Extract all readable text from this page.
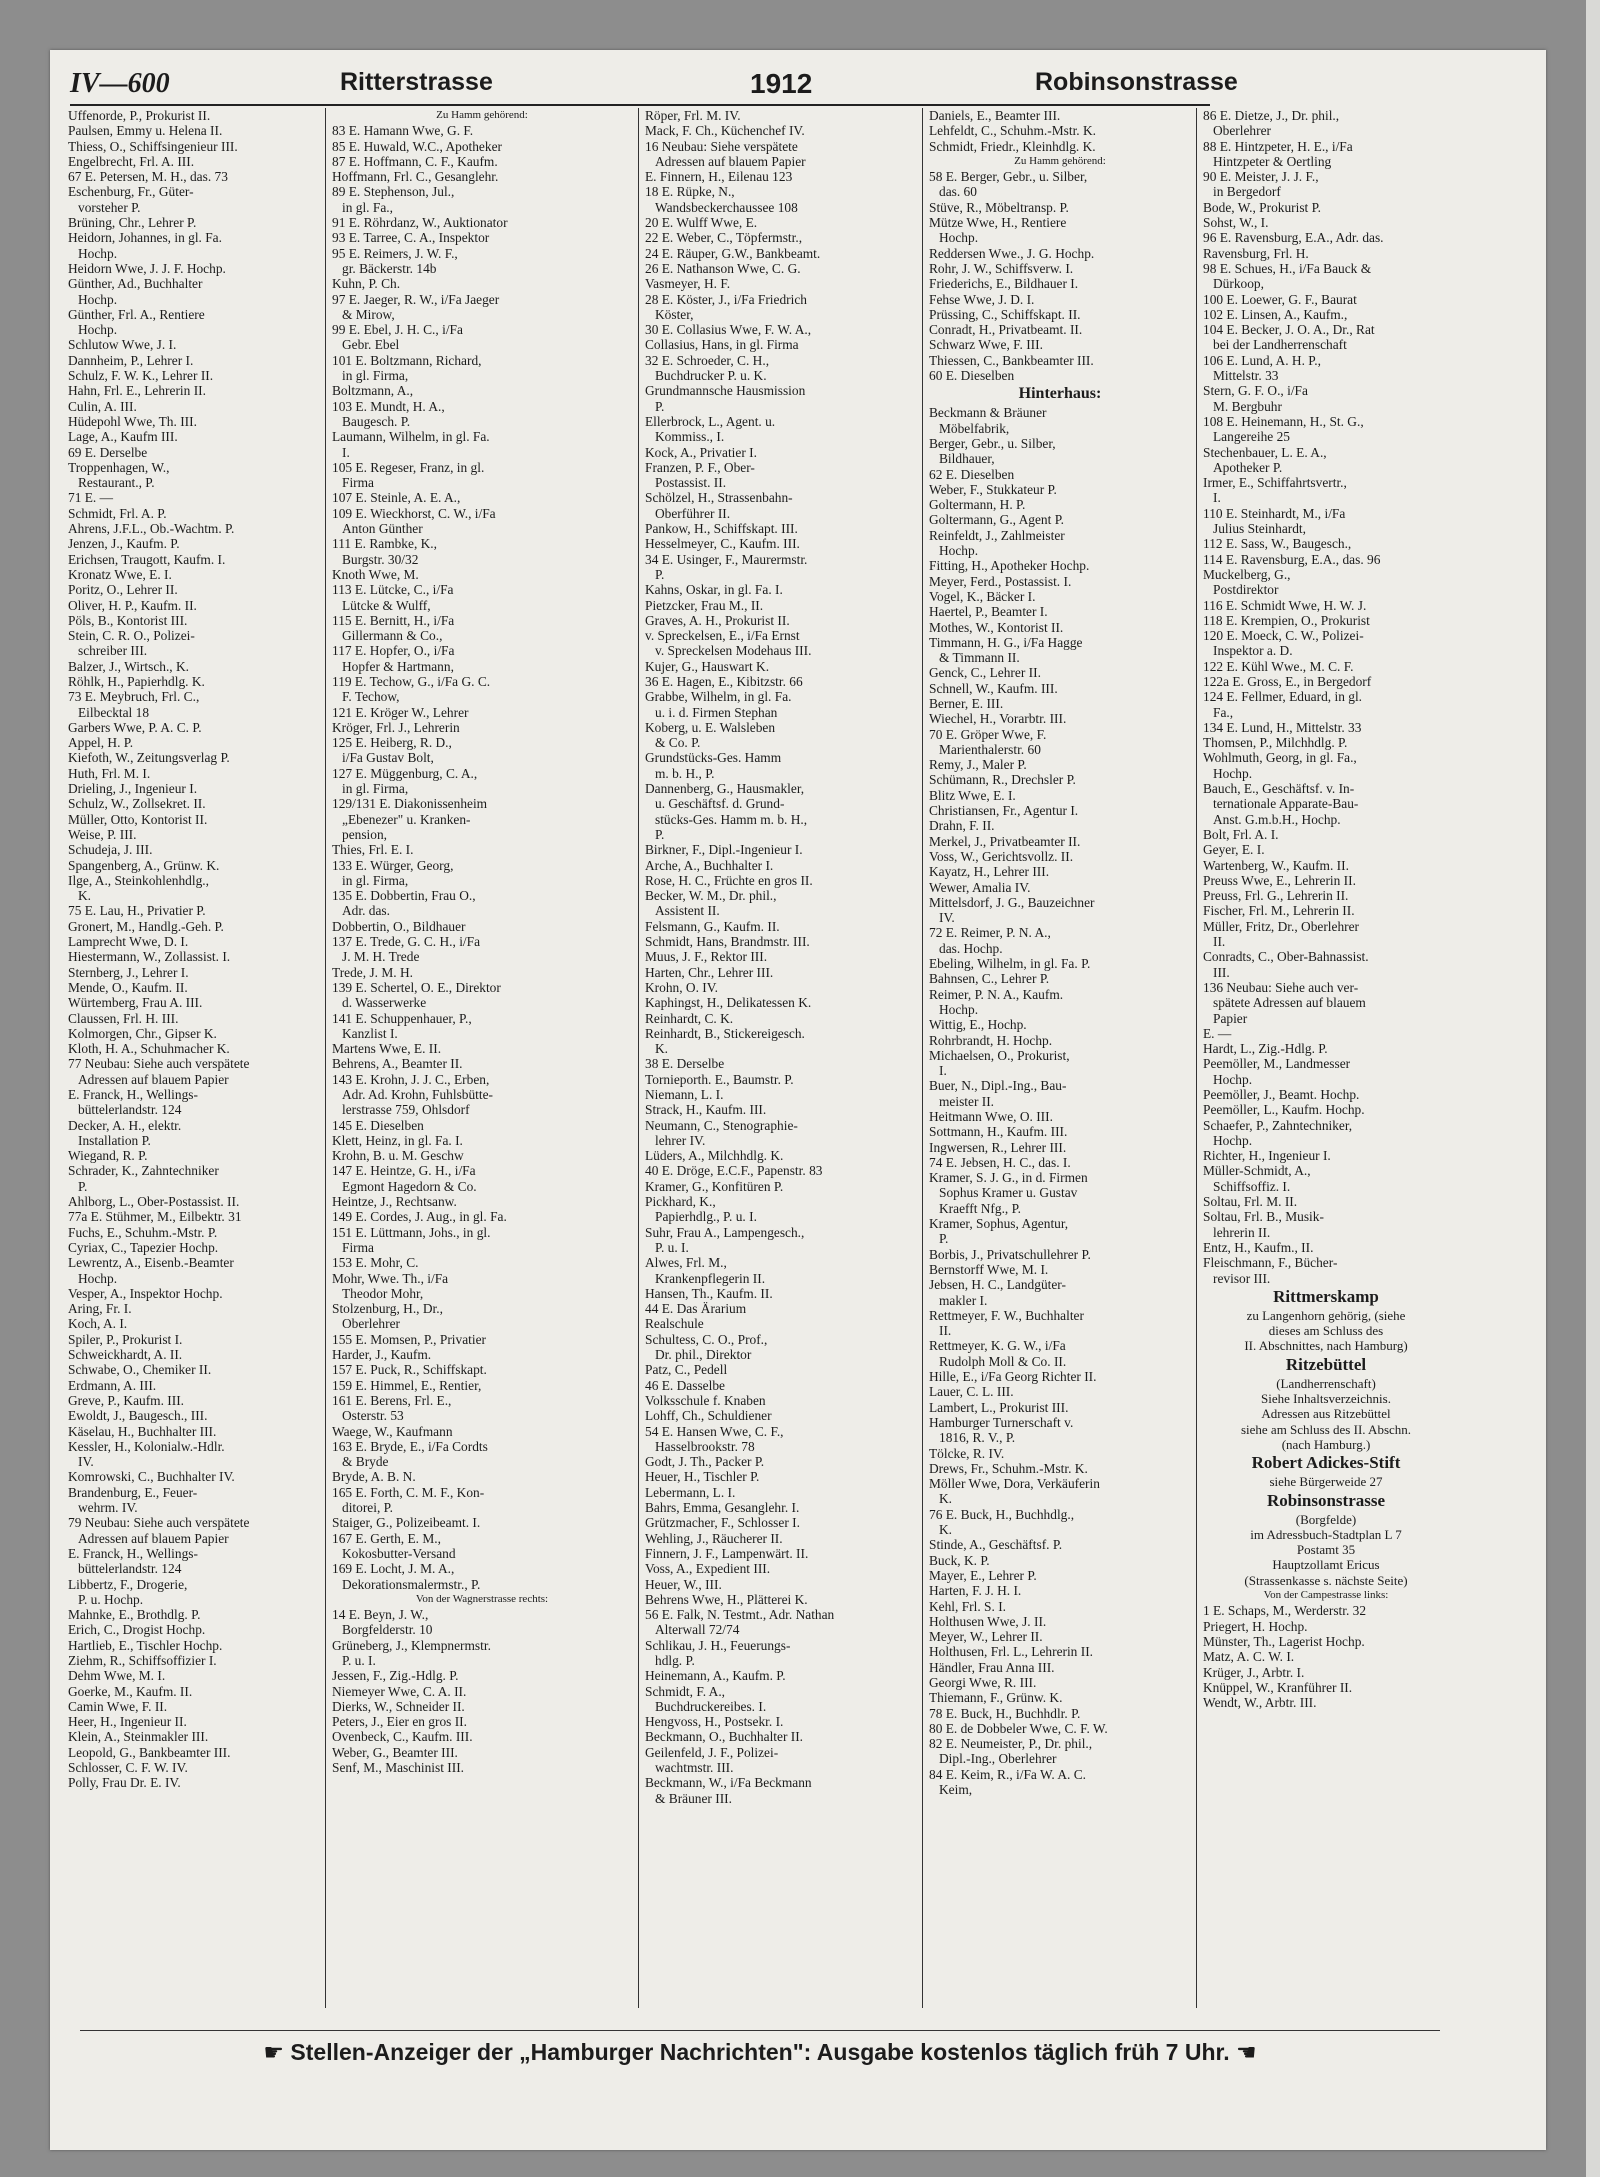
IV—600	Ritterstrasse	1912	Robinsonstrasse
Uffenorde, P., Prokurist II.
Paulsen, Emmy u. Helena II.
Thiess, O., Schiffsingenieur III.
Engelbrecht, Frl. A. III.
67 E. Petersen, M. H., das. 73
Eschenburg, Fr., Güter-
vorsteher P.
Brüning, Chr., Lehrer P.
Heidorn, Johannes, in gl. Fa.
Hochp.
Heidorn Wwe, J. J. F. Hochp.
Günther, Ad., Buchhalter
Hochp.
Günther, Frl. A., Rentiere
Hochp.
Schlutow Wwe, J. I.
Dannheim, P., Lehrer I.
Schulz, F. W. K., Lehrer II.
Hahn, Frl. E., Lehrerin II.
Culin, A. III.
Hüdepohl Wwe, Th. III.
Lage, A., Kaufm III.
69 E. Derselbe
Troppenhagen, W.,
Restaurant., P.
71 E. —
Schmidt, Frl. A. P.
Ahrens, J.F.L., Ob.-Wachtm. P.
Jenzen, J., Kaufm. P.
Erichsen, Traugott, Kaufm. I.
Kronatz Wwe, E. I.
Poritz, O., Lehrer II.
Oliver, H. P., Kaufm. II.
Pöls, B., Kontorist III.
Stein, C. R. O., Polizei-
schreiber III.
Balzer, J., Wirtsch., K.
Röhlk, H., Papierhdlg. K.
73 E. Meybruch, Frl. C.,
Eilbecktal 18
Garbers Wwe, P. A. C. P.
Appel, H. P.
Kiefoth, W., Zeitungsverlag P.
Huth, Frl. M. I.
Drieling, J., Ingenieur I.
Schulz, W., Zollsekret. II.
Müller, Otto, Kontorist II.
Weise, P. III.
Schudeja, J. III.
Spangenberg, A., Grünw. K.
Ilge, A., Steinkohlenhdlg.,
K.
75 E. Lau, H., Privatier P.
Gronert, M., Handlg.-Geh. P.
Lamprecht Wwe, D. I.
Hiestermann, W., Zollassist. I.
Sternberg, J., Lehrer I.
Mende, O., Kaufm. II.
Würtemberg, Frau A. III.
Claussen, Frl. H. III.
Kolmorgen, Chr., Gipser K.
Kloth, H. A., Schuhmacher K.
77 Neubau: Siehe auch verspätete
Adressen auf blauem Papier
E. Franck, H., Wellings-
büttelerlandstr. 124
Decker, A. H., elektr.
Installation P.
Wiegand, R. P.
Schrader, K., Zahntechniker
P.
Ahlborg, L., Ober-Postassist. II.
77a E. Stühmer, M., Eilbektr. 31
Fuchs, E., Schuhm.-Mstr. P.
Cyriax, C., Tapezier Hochp.
Lewrentz, A., Eisenb.-Beamter
Hochp.
Vesper, A., Inspektor Hochp.
Aring, Fr. I.
Koch, A. I.
Spiler, P., Prokurist I.
Schweickhardt, A. II.
Schwabe, O., Chemiker II.
Erdmann, A. III.
Greve, P., Kaufm. III.
Ewoldt, J., Baugesch., III.
Käselau, H., Buchhalter III.
Kessler, H., Kolonialw.-Hdlr.
IV.
Komrowski, C., Buchhalter IV.
Brandenburg, E., Feuer-
wehrm. IV.
79 Neubau: Siehe auch verspätete
Adressen auf blauem Papier
E. Franck, H., Wellings-
büttelerlandstr. 124
Libbertz, F., Drogerie,
P. u. Hochp.
Mahnke, E., Brothdlg. P.
Erich, C., Drogist Hochp.
Hartlieb, E., Tischler Hochp.
Ziehm, R., Schiffsoffizier I.
Dehm Wwe, M. I.
Goerke, M., Kaufm. II.
Camin Wwe, F. II.
Heer, H., Ingenieur II.
Klein, A., Steinmakler III.
Leopold, G., Bankbeamter III.
Schlosser, C. F. W. IV.
Polly, Frau Dr. E. IV.
Zu Hamm gehörend:
83 E. Hamann Wwe, G. F.
85 E. Huwald, W.C., Apotheker
87 E. Hoffmann, C. F., Kaufm.
Hoffmann, Frl. C., Gesanglehr.
89 E. Stephenson, Jul.,
in gl. Fa.,
91 E. Röhrdanz, W., Auktionator
93 E. Tarree, C. A., Inspektor
95 E. Reimers, J. W. F.,
gr. Bäckerstr. 14b
Kuhn, P. Ch.
97 E. Jaeger, R. W., i/Fa Jaeger
& Mirow,
99 E. Ebel, J. H. C., i/Fa
Gebr. Ebel
101 E. Boltzmann, Richard,
in gl. Firma,
Boltzmann, A.,
103 E. Mundt, H. A.,
Baugesch. P.
Laumann, Wilhelm, in gl. Fa.
I.
105 E. Regeser, Franz, in gl.
Firma
107 E. Steinle, A. E. A.,
109 E. Wieckhorst, C. W., i/Fa
Anton Günther
111 E. Rambke, K.,
Burgstr. 30/32
Knoth Wwe, M.
113 E. Lütcke, C., i/Fa
Lütcke & Wulff,
115 E. Bernitt, H., i/Fa
Gillermann & Co.,
117 E. Hopfer, O., i/Fa
Hopfer & Hartmann,
119 E. Techow, G., i/Fa G. C.
F. Techow,
121 E. Kröger W., Lehrer
Kröger, Frl. J., Lehrerin
125 E. Heiberg, R. D.,
i/Fa Gustav Bolt,
127 E. Müggenburg, C. A.,
in gl. Firma,
129/131 E. Diakonissenheim
„Ebenezer" u. Kranken-
pension,
Thies, Frl. E. I.
133 E. Würger, Georg,
in gl. Firma,
135 E. Dobbertin, Frau O.,
Adr. das.
Dobbertin, O., Bildhauer
137 E. Trede, G. C. H., i/Fa
J. M. H. Trede
Trede, J. M. H.
139 E. Schertel, O. E., Direktor
d. Wasserwerke
141 E. Schuppenhauer, P.,
Kanzlist I.
Martens Wwe, E. II.
Behrens, A., Beamter II.
143 E. Krohn, J. J. C., Erben,
Adr. Ad. Krohn, Fuhlsbütte-
lerstrasse 759, Ohlsdorf
145 E. Dieselben
Klett, Heinz, in gl. Fa. I.
Krohn, B. u. M. Geschw
147 E. Heintze, G. H., i/Fa
Egmont Hagedorn & Co.
Heintze, J., Rechtsanw.
149 E. Cordes, J. Aug., in gl. Fa.
151 E. Lüttmann, Johs., in gl.
Firma
153 E. Mohr, C.
Mohr, Wwe. Th., i/Fa
Theodor Mohr,
Stolzenburg, H., Dr.,
Oberlehrer
155 E. Momsen, P., Privatier
Harder, J., Kaufm.
157 E. Puck, R., Schiffskapt.
159 E. Himmel, E., Rentier,
161 E. Berens, Frl. E.,
Osterstr. 53
Waege, W., Kaufmann
163 E. Bryde, E., i/Fa Cordts
& Bryde
Bryde, A. B. N.
165 E. Forth, C. M. F., Kon-
ditorei, P.
Staiger, G., Polizeibeamt. I.
167 E. Gerth, E. M.,
Kokosbutter-Versand
169 E. Locht, J. M. A.,
Dekorationsmalermstr., P.
Von der Wagnerstrasse rechts:
14 E. Beyn, J. W.,
Borgfelderstr. 10
Grüneberg, J., Klempnermstr.
P. u. I.
Jessen, F., Zig.-Hdlg. P.
Niemeyer Wwe, C. A. II.
Dierks, W., Schneider II.
Peters, J., Eier en gros II.
Ovenbeck, C., Kaufm. III.
Weber, G., Beamter III.
Senf, M., Maschinist III.
Röper, Frl. M. IV.
Mack, F. Ch., Küchenchef IV.
16 Neubau: Siehe verspätete
Adressen auf blauem Papier
E. Finnern, H., Eilenau 123
18 E. Rüpke, N.,
Wandsbeckerchaussee 108
20 E. Wulff Wwe, E.
22 E. Weber, C., Töpfermstr.,
24 E. Räuper, G.W., Bankbeamt.
26 E. Nathanson Wwe, C. G.
Vasmeyer, H. F.
28 E. Köster, J., i/Fa Friedrich
Köster,
30 E. Collasius Wwe, F. W. A.,
Collasius, Hans, in gl. Firma
32 E. Schroeder, C. H.,
Buchdrucker P. u. K.
Grundmannsche Hausmission
P.
Ellerbrock, L., Agent. u.
Kommiss., I.
Kock, A., Privatier I.
Franzen, P. F., Ober-
Postassist. II.
Schölzel, H., Strassenbahn-
Oberführer II.
Pankow, H., Schiffskapt. III.
Hesselmeyer, C., Kaufm. III.
34 E. Usinger, F., Maurermstr.
P.
Kahns, Oskar, in gl. Fa. I.
Pietzcker, Frau M., II.
Graves, A. H., Prokurist II.
v. Spreckelsen, E., i/Fa Ernst
v. Spreckelsen Modehaus III.
Kujer, G., Hauswart K.
36 E. Hagen, E., Kibitzstr. 66
Grabbe, Wilhelm, in gl. Fa.
u. i. d. Firmen Stephan
Koberg, u. E. Walsleben
& Co. P.
Grundstücks-Ges. Hamm
m. b. H., P.
Dannenberg, G., Hausmakler,
u. Geschäftsf. d. Grund-
stücks-Ges. Hamm m. b. H.,
P.
Birkner, F., Dipl.-Ingenieur I.
Arche, A., Buchhalter I.
Rose, H. C., Früchte en gros II.
Becker, W. M., Dr. phil.,
Assistent II.
Felsmann, G., Kaufm. II.
Schmidt, Hans, Brandmstr. III.
Muus, J. F., Rektor III.
Harten, Chr., Lehrer III.
Krohn, O. IV.
Kaphingst, H., Delikatessen K.
Reinhardt, C. K.
Reinhardt, B., Stickereigesch.
K.
38 E. Derselbe
Tornieporth. E., Baumstr. P.
Niemann, L. I.
Strack, H., Kaufm. III.
Neumann, C., Stenographie-
lehrer IV.
Lüders, A., Milchhdlg. K.
40 E. Dröge, E.C.F., Papenstr. 83
Kramer, G., Konfitüren P.
Pickhard, K.,
Papierhdlg., P. u. I.
Suhr, Frau A., Lampengesch.,
P. u. I.
Alwes, Frl. M.,
Krankenpflegerin II.
Hansen, Th., Kaufm. II.
44 E. Das Ärarium
Realschule
Schultess, C. O., Prof.,
Dr. phil., Direktor
Patz, C., Pedell
46 E. Dasselbe
Volksschule f. Knaben
Lohff, Ch., Schuldiener
54 E. Hansen Wwe, C. F.,
Hasselbrookstr. 78
Godt, J. Th., Packer P.
Heuer, H., Tischler P.
Lebermann, L. I.
Bahrs, Emma, Gesanglehr. I.
Grützmacher, F., Schlosser I.
Wehling, J., Räucherer II.
Finnern, J. F., Lampenwärt. II.
Voss, A., Expedient III.
Heuer, W., III.
Behrens Wwe, H., Plätterei K.
56 E. Falk, N. Testmt., Adr. Nathan
Alterwall 72/74
Schlikau, J. H., Feuerungs-
hdlg. P.
Heinemann, A., Kaufm. P.
Schmidt, F. A.,
Buchdruckereibes. I.
Hengvoss, H., Postsekr. I.
Beckmann, O., Buchhalter II.
Geilenfeld, J. F., Polizei-
wachtmstr. III.
Beckmann, W., i/Fa Beckmann
& Bräuner III.
Daniels, E., Beamter III.
Lehfeldt, C., Schuhm.-Mstr. K.
Schmidt, Friedr., Kleinhdlg. K.
Zu Hamm gehörend:
58 E. Berger, Gebr., u. Silber,
das. 60
Stüve, R., Möbeltransp. P.
Mütze Wwe, H., Rentiere
Hochp.
Reddersen Wwe., J. G. Hochp.
Rohr, J. W., Schiffsverw. I.
Friederichs, E., Bildhauer I.
Fehse Wwe, J. D. I.
Prüssing, C., Schiffskapt. II.
Conradt, H., Privatbeamt. II.
Schwarz Wwe, F. III.
Thiessen, C., Bankbeamter III.
60 E. Dieselben
Hinterhaus:
Beckmann & Bräuner
Möbelfabrik,
Berger, Gebr., u. Silber,
Bildhauer,
62 E. Dieselben
Weber, F., Stukkateur P.
Goltermann, H. P.
Goltermann, G., Agent P.
Reinfeldt, J., Zahlmeister
Hochp.
Fitting, H., Apotheker Hochp.
Meyer, Ferd., Postassist. I.
Vogel, K., Bäcker I.
Haertel, P., Beamter I.
Mothes, W., Kontorist II.
Timmann, H. G., i/Fa Hagge
& Timmann II.
Genck, C., Lehrer II.
Schnell, W., Kaufm. III.
Berner, E. III.
Wiechel, H., Vorarbtr. III.
70 E. Gröper Wwe, F.
Marienthalerstr. 60
Remy, J., Maler P.
Schümann, R., Drechsler P.
Blitz Wwe, E. I.
Christiansen, Fr., Agentur I.
Drahn, F. II.
Merkel, J., Privatbeamter II.
Voss, W., Gerichtsvollz. II.
Kayatz, H., Lehrer III.
Wewer, Amalia IV.
Mittelsdorf, J. G., Bauzeichner
IV.
72 E. Reimer, P. N. A.,
das. Hochp.
Ebeling, Wilhelm, in gl. Fa. P.
Bahnsen, C., Lehrer P.
Reimer, P. N. A., Kaufm.
Hochp.
Wittig, E., Hochp.
Rohrbrandt, H. Hochp.
Michaelsen, O., Prokurist,
I.
Buer, N., Dipl.-Ing., Bau-
meister II.
Heitmann Wwe, O. III.
Sottmann, H., Kaufm. III.
Ingwersen, R., Lehrer III.
74 E. Jebsen, H. C., das. I.
Kramer, S. J. G., in d. Firmen
Sophus Kramer u. Gustav
Kraefft Nfg., P.
Kramer, Sophus, Agentur,
P.
Borbis, J., Privatschullehrer P.
Bernstorff Wwe, M. I.
Jebsen, H. C., Landgüter-
makler I.
Rettmeyer, F. W., Buchhalter
II.
Rettmeyer, K. G. W., i/Fa
Rudolph Moll & Co. II.
Hille, E., i/Fa Georg Richter II.
Lauer, C. L. III.
Lambert, L., Prokurist III.
Hamburger Turnerschaft v.
1816, R. V., P.
Tölcke, R. IV.
Drews, Fr., Schuhm.-Mstr. K.
Möller Wwe, Dora, Verkäuferin
K.
76 E. Buck, H., Buchhdlg.,
K.
Stinde, A., Geschäftsf. P.
Buck, K. P.
Mayer, E., Lehrer P.
Harten, F. J. H. I.
Kehl, Frl. S. I.
Holthusen Wwe, J. II.
Meyer, W., Lehrer II.
Holthusen, Frl. L., Lehrerin II.
Händler, Frau Anna III.
Georgi Wwe, R. III.
Thiemann, F., Grünw. K.
78 E. Buck, H., Buchhdlr. P.
80 E. de Dobbeler Wwe, C. F. W.
82 E. Neumeister, P., Dr. phil.,
Dipl.-Ing., Oberlehrer
84 E. Keim, R., i/Fa W. A. C.
Keim,
86 E. Dietze, J., Dr. phil.,
Oberlehrer
88 E. Hintzpeter, H. E., i/Fa
Hintzpeter & Oertling
90 E. Meister, J. J. F.,
in Bergedorf
Bode, W., Prokurist P.
Sohst, W., I.
96 E. Ravensburg, E.A., Adr. das.
Ravensburg, Frl. H.
98 E. Schues, H., i/Fa Bauck &
Dürkoop,
100 E. Loewer, G. F., Baurat
102 E. Linsen, A., Kaufm.,
104 E. Becker, J. O. A., Dr., Rat
bei der Landherrenschaft
106 E. Lund, A. H. P.,
Mittelstr. 33
Stern, G. F. O., i/Fa
M. Bergbuhr
108 E. Heinemann, H., St. G.,
Langereihe 25
Stechenbauer, L. E. A.,
Apotheker P.
Irmer, E., Schiffahrtsvertr.,
I.
110 E. Steinhardt, M., i/Fa
Julius Steinhardt,
112 E. Sass, W., Baugesch.,
114 E. Ravensburg, E.A., das. 96
Muckelberg, G.,
Postdirektor
116 E. Schmidt Wwe, H. W. J.
118 E. Krempien, O., Prokurist
120 E. Moeck, C. W., Polizei-
Inspektor a. D.
122 E. Kühl Wwe., M. C. F.
122a E. Gross, E., in Bergedorf
124 E. Fellmer, Eduard, in gl.
Fa.,
134 E. Lund, H., Mittelstr. 33
Thomsen, P., Milchhdlg. P.
Wohlmuth, Georg, in gl. Fa.,
Hochp.
Bauch, E., Geschäftsf. v. In-
ternationale Apparate-Bau-
Anst. G.m.b.H., Hochp.
Bolt, Frl. A. I.
Geyer, E. I.
Wartenberg, W., Kaufm. II.
Preuss Wwe, E., Lehrerin II.
Preuss, Frl. G., Lehrerin II.
Fischer, Frl. M., Lehrerin II.
Müller, Fritz, Dr., Oberlehrer
II.
Conradts, C., Ober-Bahnassist.
III.
136 Neubau: Siehe auch ver-
spätete Adressen auf blauem
Papier
E. —
Hardt, L., Zig.-Hdlg. P.
Peemöller, M., Landmesser
Hochp.
Peemöller, J., Beamt. Hochp.
Peemöller, L., Kaufm. Hochp.
Schaefer, P., Zahntechniker,
Hochp.
Richter, H., Ingenieur I.
Müller-Schmidt, A.,
Schiffsoffiz. I.
Soltau, Frl. M. II.
Soltau, Frl. B., Musik-
lehrerin II.
Entz, H., Kaufm., II.
Fleischmann, F., Bücher-
revisor III.
Rittmerskamp
zu Langenhorn gehörig, (siehe
dieses am Schluss des
II. Abschnittes, nach Hamburg)
Ritzebüttel
(Landherrenschaft)
Siehe Inhaltsverzeichnis.
Adressen aus Ritzebüttel
siehe am Schluss des II. Abschn.
(nach Hamburg.)
Robert Adickes-Stift
siehe Bürgerweide 27
Robinsonstrasse
(Borgfelde)
im Adressbuch-Stadtplan L 7
Postamt 35
Hauptzollamt Ericus
(Strassenkasse s. nächste Seite)
Von der Campestrasse links:
1 E. Schaps, M., Werderstr. 32
Priegert, H. Hochp.
Münster, Th., Lagerist Hochp.
Matz, A. C. W. I.
Krüger, J., Arbtr. I.
Knüppel, W., Kranführer II.
Wendt, W., Arbtr. III.
☛ Stellen-Anzeiger der „Hamburger Nachrichten": Ausgabe kostenlos täglich früh 7 Uhr. ☛
